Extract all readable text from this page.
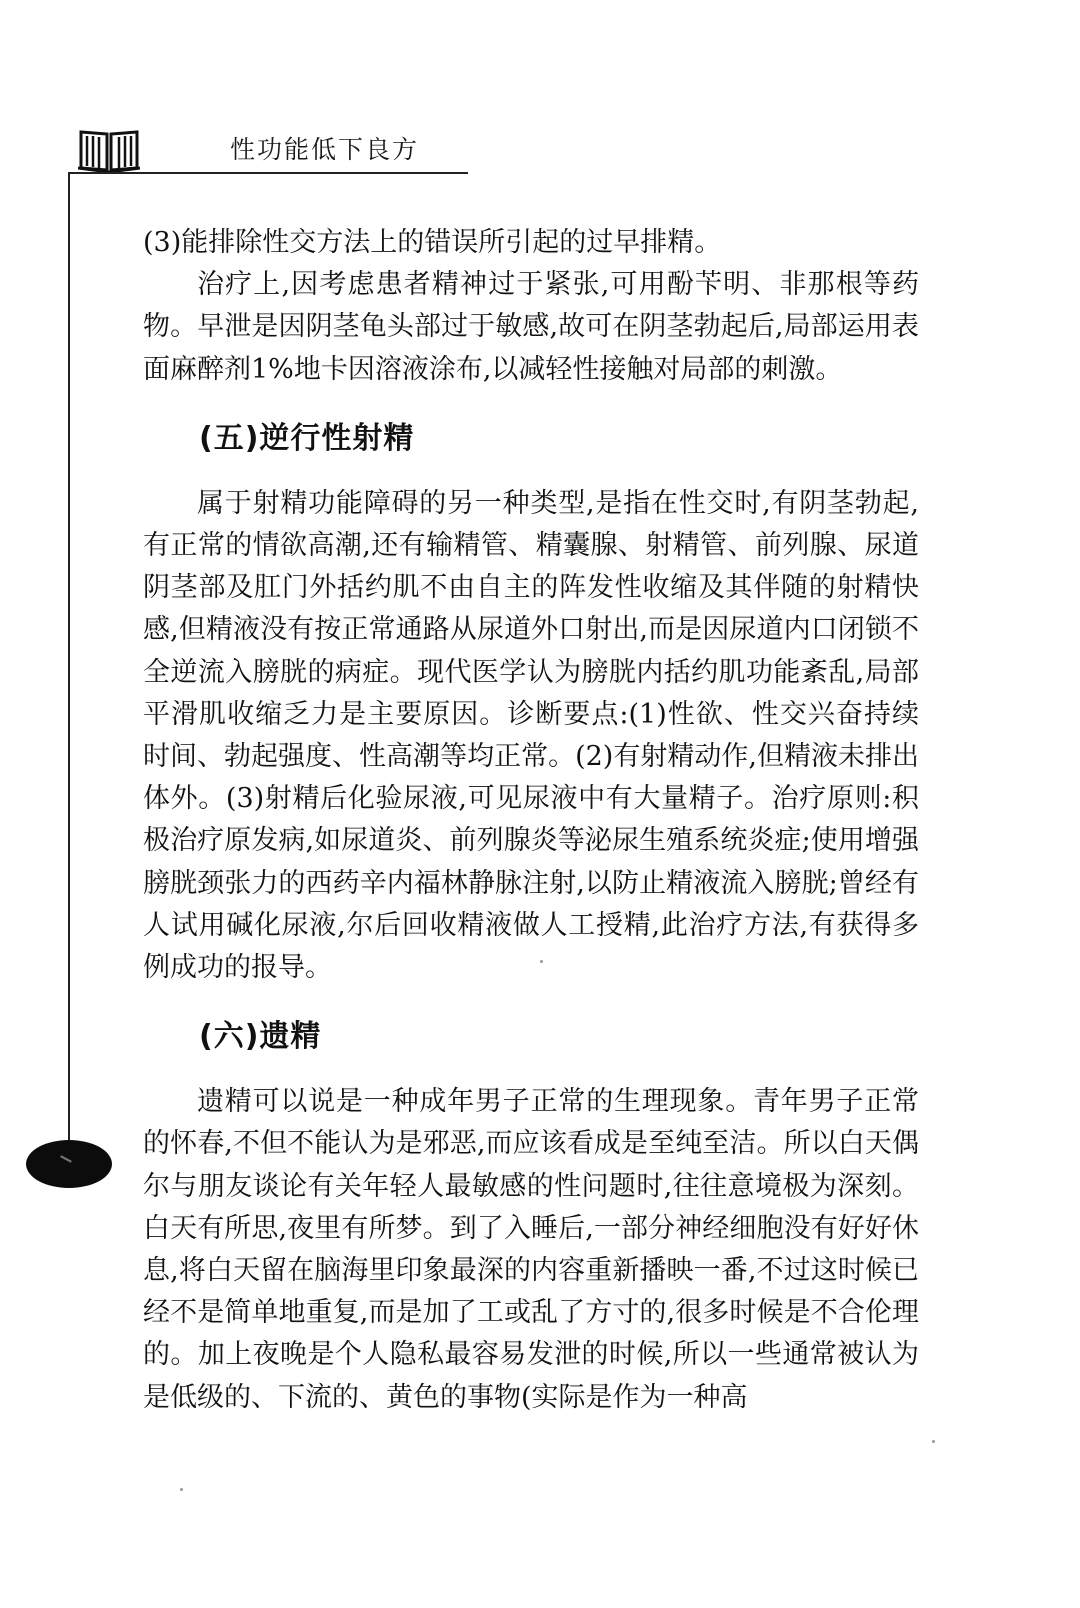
性功能低下良方

(3)能排除性交方法上的错误所引起的过早排精。

治疗上,因考虑患者精神过于紧张,可用酚苄明、非那根等药物。早泄是因阴茎龟头部过于敏感,故可在阴茎勃起后,局部运用表面麻醉剂1%地卡因溶液涂布,以减轻性接触对局部的刺激。

(五)逆行性射精

属于射精功能障碍的另一种类型,是指在性交时,有阴茎勃起,有正常的情欲高潮,还有输精管、精囊腺、射精管、前列腺、尿道阴茎部及肛门外括约肌不由自主的阵发性收缩及其伴随的射精快感,但精液没有按正常通路从尿道外口射出,而是因尿道内口闭锁不全逆流入膀胱的病症。现代医学认为膀胱内括约肌功能紊乱,局部平滑肌收缩乏力是主要原因。诊断要点:(1)性欲、性交兴奋持续时间、勃起强度、性高潮等均正常。(2)有射精动作,但精液未排出体外。(3)射精后化验尿液,可见尿液中有大量精子。治疗原则:积极治疗原发病,如尿道炎、前列腺炎等泌尿生殖系统炎症;使用增强膀胱颈张力的西药辛内福林静脉注射,以防止精液流入膀胱;曾经有人试用碱化尿液,尔后回收精液做人工授精,此治疗方法,有获得多例成功的报导。

(六)遗精

遗精可以说是一种成年男子正常的生理现象。青年男子正常的怀春,不但不能认为是邪恶,而应该看成是至纯至洁。所以白天偶尔与朋友谈论有关年轻人最敏感的性问题时,往往意境极为深刻。白天有所思,夜里有所梦。到了入睡后,一部分神经细胞没有好好休息,将白天留在脑海里印象最深的内容重新播映一番,不过这时候已经不是简单地重复,而是加了工或乱了方寸的,很多时候是不合伦理的。加上夜晚是个人隐私最容易发泄的时候,所以一些通常被认为是低级的、下流的、黄色的事物(实际是作为一种高
